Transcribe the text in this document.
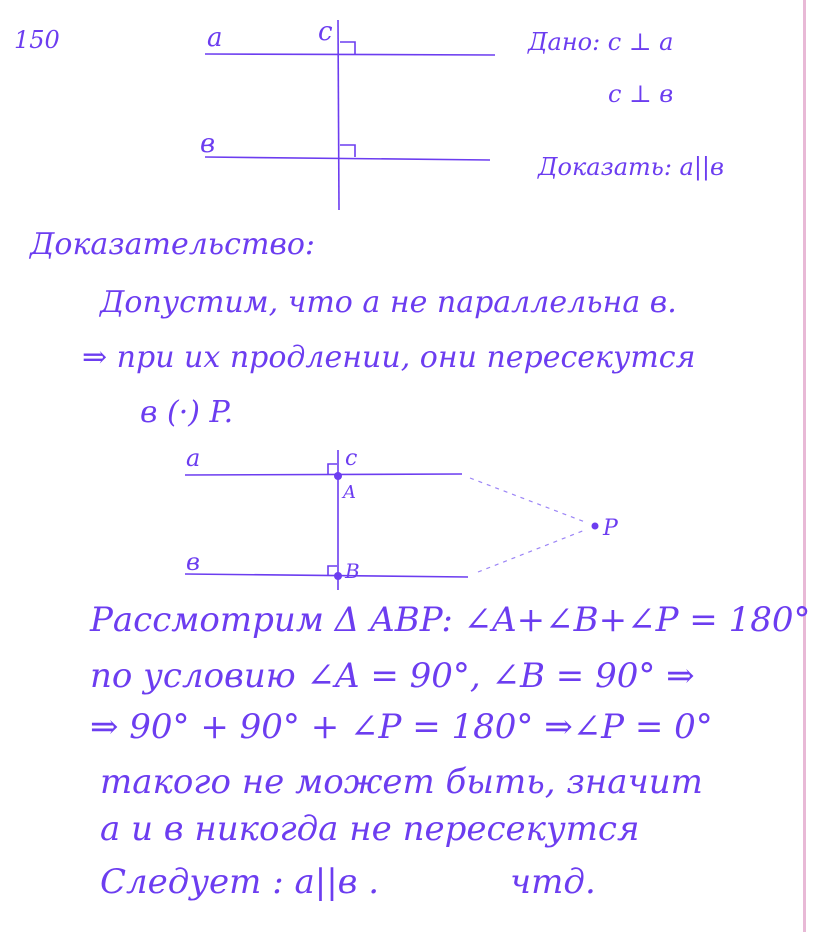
a
в
c
a
в
c
A
B
P
150	Дано: c ⊥ a
c ⊥ в
Доказать: a||в
Доказательство:
Допустим, что a не параллельна в.
⇒ при их продлении, они пересекутся
в (·) P.
Рассмотрим Δ ABP: ∠A+∠B+∠P = 180°
по условию ∠A = 90°, ∠B = 90° ⇒
⇒ 90° + 90° + ∠P = 180° ⇒∠P = 0°
такого не может быть, значит
a и в никогда не пересекутся
Следует : a||в .	чтд.
